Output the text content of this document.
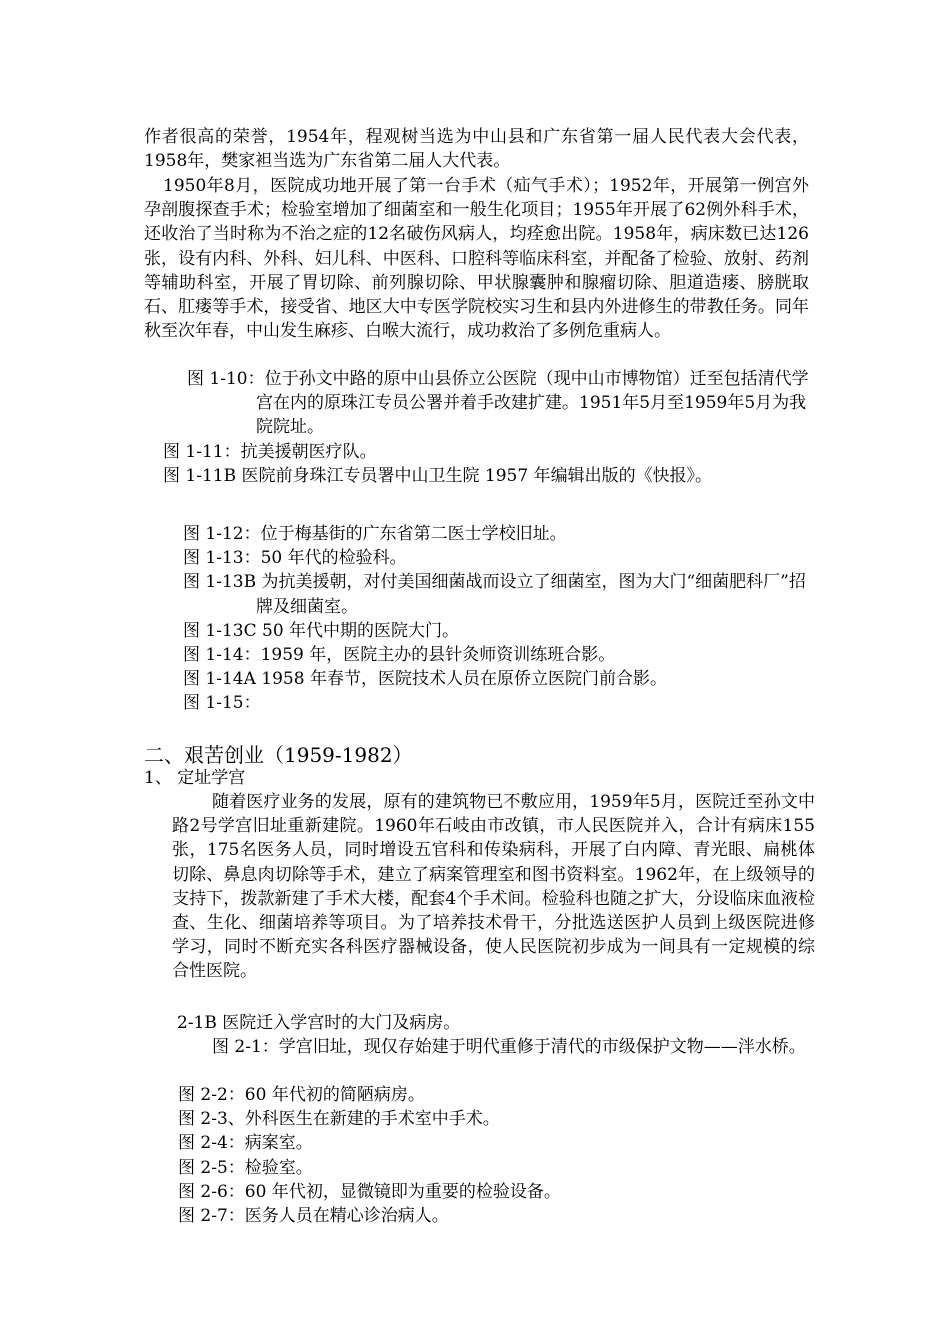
作者很高的荣誉，1954年，程观树当选为中山县和广东省第一届人民代表大会代表，1958年，樊家袒当选为广东省第二届人大代表。

1950年8月，医院成功地开展了第一台手术（疝气手术）；1952年，开展第一例宫外孕剖腹探查手术；检验室增加了细菌室和一般生化项目；1955年开展了62例外科手术，还收治了当时称为不治之症的12名破伤风病人，均痊愈出院。1958年，病床数已达126张，设有内科、外科、妇儿科、中医科、口腔科等临床科室，并配备了检验、放射、药剂等辅助科室，开展了胃切除、前列腺切除、甲状腺囊肿和腺瘤切除、胆道造瘘、膀胱取石、肛瘘等手术，接受省、地区大中专医学院校实习生和县内外进修生的带教任务。同年秋至次年春，中山发生麻疹、白喉大流行，成功救治了多例危重病人。

图 1-10：位于孙文中路的原中山县侨立公医院（现中山市博物馆）迁至包括清代学宫在内的原珠江专员公署并着手改建扩建。1951年5月至1959年5月为我院院址。

图 1-11：抗美援朝医疗队。

图 1-11B 医院前身珠江专员署中山卫生院 1957 年编辑出版的《快报》。

图 1-12：位于梅基街的广东省第二医士学校旧址。
图 1-13：50 年代的检验科。
图 1-13B 为抗美援朝，对付美国细菌战而设立了细菌室，图为大门“细菌肥科厂”招牌及细菌室。
图 1-13C 50 年代中期的医院大门。
图 1-14：1959 年，医院主办的县针灸师资训练班合影。
图 1-14A 1958 年春节，医院技术人员在原侨立医院门前合影。
图 1-15：
二、艰苦创业（1959-1982）
1、 定址学宫

随着医疗业务的发展，原有的建筑物已不敷应用，1959年5月，医院迁至孙文中路2号学宫旧址重新建院。1960年石岐由市改镇，市人民医院并入，合计有病床155张，175名医务人员，同时增设五官科和传染病科，开展了白内障、青光眼、扁桃体切除、鼻息肉切除等手术，建立了病案管理室和图书资料室。1962年，在上级领导的支持下，拨款新建了手术大楼，配套4个手术间。检验科也随之扩大，分设临床血液检查、生化、细菌培养等项目。为了培养技术骨干，分批选送医护人员到上级医院进修学习，同时不断充实各科医疗器械设备，使人民医院初步成为一间具有一定规模的综合性医院。

2-1B 医院迁入学宫时的大门及病房。

图 2-1：学宫旧址，现仅存始建于明代重修于清代的市级保护文物——泮水桥。

图 2-2：60 年代初的简陋病房。
图 2-3、外科医生在新建的手术室中手术。
图 2-4：病案室。
图 2-5：检验室。
图 2-6：60 年代初，显微镜即为重要的检验设备。
图 2-7：医务人员在精心诊治病人。
